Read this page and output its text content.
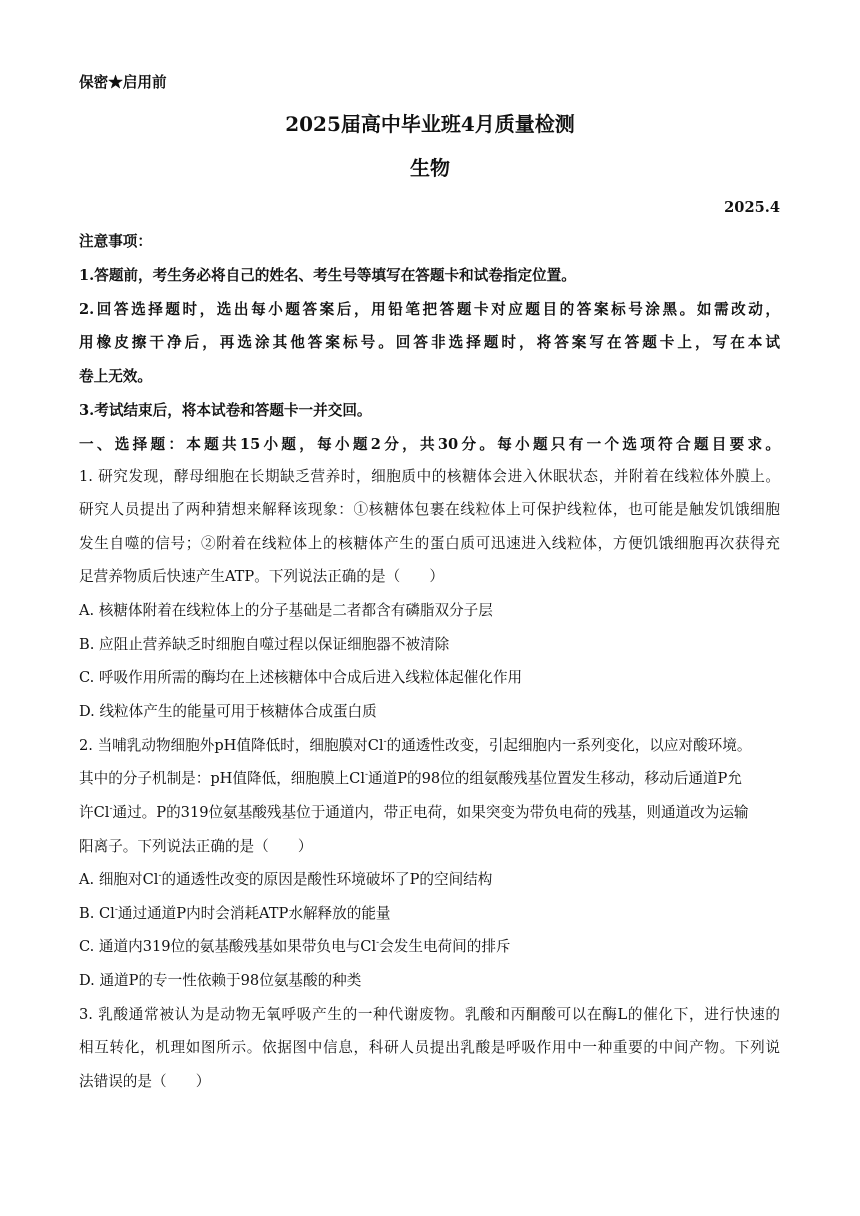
保密★启用前
2025届高中毕业班4月质量检测
生物
2025.4
注意事项：
1.答题前，考生务必将自己的姓名、考生号等填写在答题卡和试卷指定位置。
2.回答选择题时，选出每小题答案后，用铅笔把答题卡对应题目的答案标号涂黑。如需改动，
用橡皮擦干净后，再选涂其他答案标号。回答非选择题时，将答案写在答题卡上，写在本试
卷上无效。
3.考试结束后，将本试卷和答题卡一并交回。
一、选择题：本题共15小题，每小题2分，共30分。每小题只有一个选项符合题目要求。
1. 研究发现，酵母细胞在长期缺乏营养时，细胞质中的核糖体会进入休眠状态，并附着在线粒体外膜上。
研究人员提出了两种猜想来解释该现象：①核糖体包裹在线粒体上可保护线粒体，也可能是触发饥饿细胞
发生自噬的信号；②附着在线粒体上的核糖体产生的蛋白质可迅速进入线粒体，方便饥饿细胞再次获得充
足营养物质后快速产生ATP。下列说法正确的是（　　）
A. 核糖体附着在线粒体上的分子基础是二者都含有磷脂双分子层
B. 应阻止营养缺乏时细胞自噬过程以保证细胞器不被清除
C. 呼吸作用所需的酶均在上述核糖体中合成后进入线粒体起催化作用
D. 线粒体产生的能量可用于核糖体合成蛋白质
2. 当哺乳动物细胞外pH值降低时，细胞膜对Cl-的通透性改变，引起细胞内一系列变化，以应对酸环境。
其中的分子机制是：pH值降低，细胞膜上Cl-通道P的98位的组氨酸残基位置发生移动，移动后通道P允
许Cl-通过。P的319位氨基酸残基位于通道内，带正电荷，如果突变为带负电荷的残基，则通道改为运输
阳离子。下列说法正确的是（　　）
A. 细胞对Cl-的通透性改变的原因是酸性环境破坏了P的空间结构
B. Cl-通过通道P内时会消耗ATP水解释放的能量
C. 通道内319位的氨基酸残基如果带负电与Cl-会发生电荷间的排斥
D. 通道P的专一性依赖于98位氨基酸的种类
3. 乳酸通常被认为是动物无氧呼吸产生的一种代谢废物。乳酸和丙酮酸可以在酶L的催化下，进行快速的
相互转化，机理如图所示。依据图中信息，科研人员提出乳酸是呼吸作用中一种重要的中间产物。下列说
法错误的是（　　）
